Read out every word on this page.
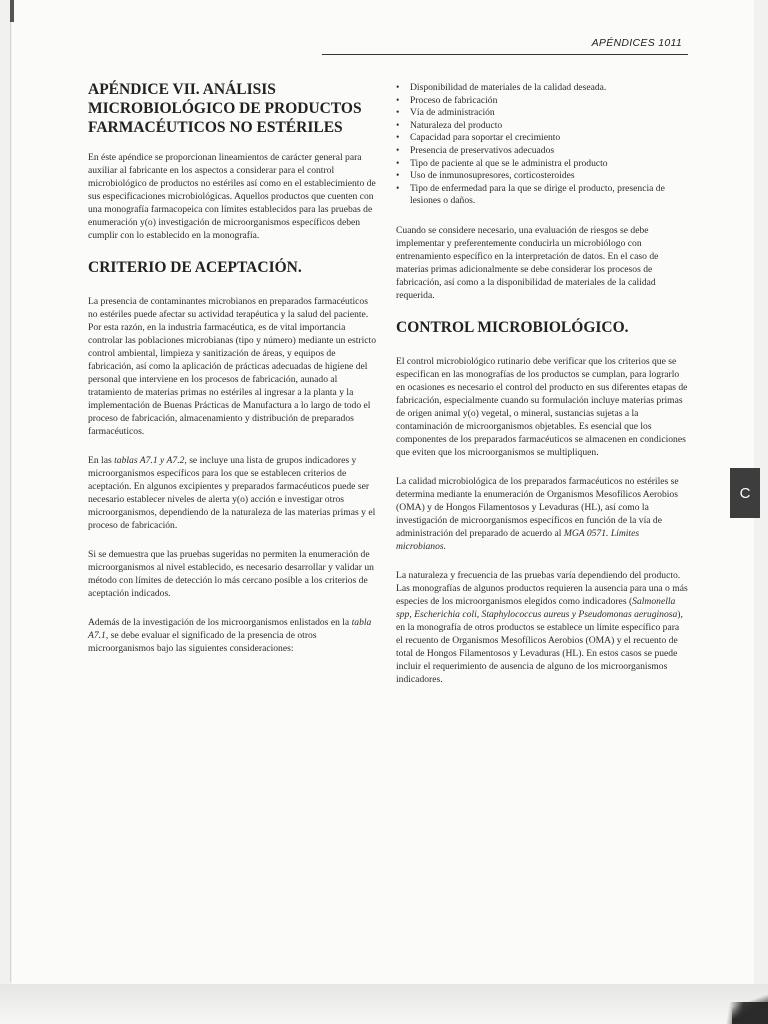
APÉNDICES 1011
C
APÉNDICE VII. ANÁLISIS MICROBIOLÓGICO DE PRODUCTOS FARMACÉUTICOS NO ESTÉRILES

En éste apéndice se proporcionan lineamientos de carácter general para auxiliar al fabricante en los aspectos a considerar para el control microbiológico de productos no estériles así como en el establecimiento de sus especificaciones microbiológicas. Aquellos productos que cuenten con una monografía farmacopeica con límites establecidos para las pruebas de enumeración y(o) investigación de microorganismos específicos deben cumplir con lo establecido en la monografía.

CRITERIO DE ACEPTACIÓN.

La presencia de contaminantes microbianos en preparados farmacéuticos no estériles puede afectar su actividad terapéutica y la salud del paciente. Por esta razón, en la industria farmacéutica, es de vital importancia controlar las poblaciones microbianas (tipo y número) mediante un estricto control ambiental, limpieza y sanitización de áreas, y equipos de fabricación, así como la aplicación de prácticas adecuadas de higiene del personal que interviene en los procesos de fabricación, aunado al tratamiento de materias primas no estériles al ingresar a la planta y la implementación de Buenas Prácticas de Manufactura a lo largo de todo el proceso de fabricación, almacenamiento y distribución de preparados farmacéuticos.

En las tablas A7.1 y A7.2, se incluye una lista de grupos indicadores y microorganismos específicos para los que se establecen criterios de aceptación. En algunos excipientes y preparados farmacéuticos puede ser necesario establecer niveles de alerta y(o) acción e investigar otros microorganismos, dependiendo de la naturaleza de las materias primas y el proceso de fabricación.

Si se demuestra que las pruebas sugeridas no permiten la enumeración de microorganismos al nivel establecido, es necesario desarrollar y validar un método con límites de detección lo más cercano posible a los criterios de aceptación indicados.

Además de la investigación de los microorganismos enlistados en la tabla A7.1, se debe evaluar el significado de la presencia de otros microorganismos bajo las siguientes consideraciones:

• Disponibilidad de materiales de la calidad deseada.
• Proceso de fabricación
• Vía de administración
• Naturaleza del producto
• Capacidad para soportar el crecimiento
• Presencia de preservativos adecuados
• Tipo de paciente al que se le administra el producto
• Uso de inmunosupresores, corticosteroides
• Tipo de enfermedad para la que se dirige el producto, presencia de lesiones o daños.

Cuando se considere necesario, una evaluación de riesgos se debe implementar y preferentemente conducirla un microbiólogo con entrenamiento específico en la interpretación de datos. En el caso de materias primas adicionalmente se debe considerar los procesos de fabricación, así como a la disponibilidad de materiales de la calidad requerida.

CONTROL MICROBIOLÓGICO.

El control microbiológico rutinario debe verificar que los criterios que se especifican en las monografías de los productos se cumplan, para lograrlo en ocasiones es necesario el control del producto en sus diferentes etapas de fabricación, especialmente cuando su formulación incluye materias primas de origen animal y(o) vegetal, o mineral, sustancias sujetas a la contaminación de microorganismos objetables. Es esencial que los componentes de los preparados farmacéuticos se almacenen en condiciones que eviten que los microorganismos se multipliquen.

La calidad microbiológica de los preparados farmacéuticos no estériles se determina mediante la enumeración de Organismos Mesofílicos Aerobios (OMA) y de Hongos Filamentosos y Levaduras (HL), así como la investigación de microorganismos específicos en función de la vía de administración del preparado de acuerdo al MGA 0571. Límites microbianos.

La naturaleza y frecuencia de las pruebas varía dependiendo del producto. Las monografías de algunos productos requieren la ausencia para una o más especies de los microorganismos elegidos como indicadores (Salmonella spp, Escherichia coli, Staphylococcus aureus y Pseudomonas aeruginosa), en la monografía de otros productos se establece un límite específico para el recuento de Organismos Mesofílicos Aerobios (OMA) y el recuento de total de Hongos Filamentosos y Levaduras (HL). En estos casos se puede incluir el requerimiento de ausencia de alguno de los microorganismos indicadores.
